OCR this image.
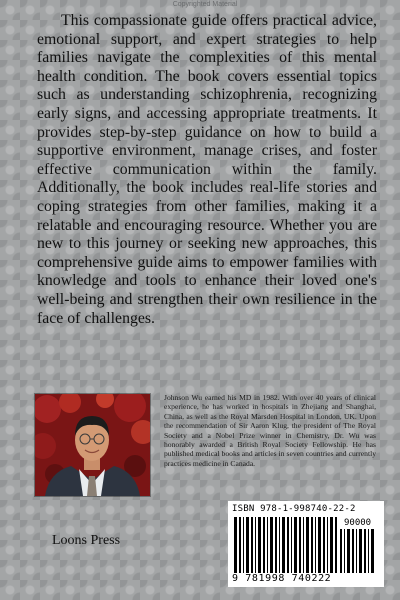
Copyrighted Material

This compassionate guide offers practical advice, emotional support, and expert strategies to help families navigate the complexities of this mental health condition. The book covers essential topics such as understanding schizophrenia, recognizing early signs, and accessing appropriate treatments. It provides step-by-step guidance on how to build a supportive environment, manage crises, and foster effective communication within the family. Additionally, the book includes real-life stories and coping strategies from other families, making it a relatable and encouraging resource. Whether you are new to this journey or seeking new approaches, this comprehensive guide aims to empower families with knowledge and tools to enhance their loved one's well-being and strengthen their own resilience in the face of challenges.

Johnson Wu earned his MD in 1982. With over 40 years of clinical experience, he has worked in hospitals in Zhejiang and Shanghai, China, as well as the Royal Marsden Hospital in London, UK. Upon the recommendation of Sir Aaron Klug, the president of The Royal Society and a Nobel Prize winner in Chemistry, Dr. Wu was honorably awarded a British Royal Society Fellowship. He has published medical books and articles in seven countries and currently practices medicine in Canada.

Loons Press

ISBN 978-1-998740-22-2
90000
9 781998 740222
